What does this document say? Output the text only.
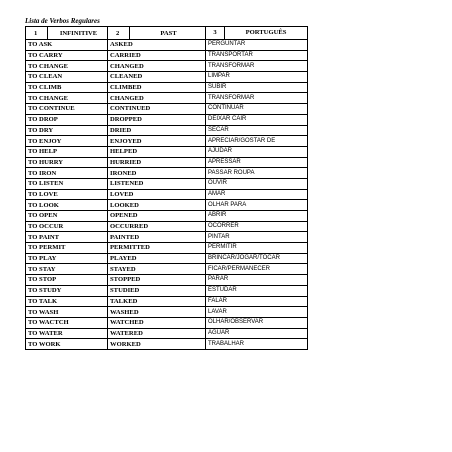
Lista de Verbos Regulares
1	INFINITIVE	2	PAST	3 PORTUGUÊS

TO ASK		ASKED		PERGUNTAR
TO CARRY		CARRIED		TRANSPORTAR
TO CHANGE		CHANGED		TRANSFORMAR
TO CLEAN		CLEANED		LIMPAR
TO CLIMB		CLIMBED		SUBIR
TO CHANGE		CHANGED		TRANSFORMAR
TO CONTINUE		CONTINUED		CONTINUAR
TO DROP		DROPPED		DEIXAR CAIR
TO DRY		DRIED		SECAR
TO ENJOY		ENJOYED		APRECIAR/GOSTAR DE
TO HELP		HELPED		AJUDAR
TO HURRY		HURRIED		APRESSAR
TO IRON		IRONED		PASSAR ROUPA
TO LISTEN		LISTENED		OUVIR
TO LOVE		LOVED		AMAR
TO LOOK		LOOKED		OLHAR PARA
TO OPEN		OPENED		ABRIR
TO OCCUR		OCCURRED		OCORRER
TO PAINT		PAINTED		PINTAR
TO PERMIT		PERMITTED		PERMITIR
TO PLAY		PLAYED		BRINCAR/JOGAR/TOCAR
TO STAY		STAYED		FICAR/PERMANECER
TO STOP		STOPPED		PARAR
TO STUDY		STUDIED		ESTUDAR
TO TALK		TALKED		FALAR
TO WASH		WASHED		LAVAR
TO WACTCH		WATCHED		OLHAR/OBSERVAR
TO WATER		WATERED		AGUAR
TO WORK		WORKED		TRABALHAR
